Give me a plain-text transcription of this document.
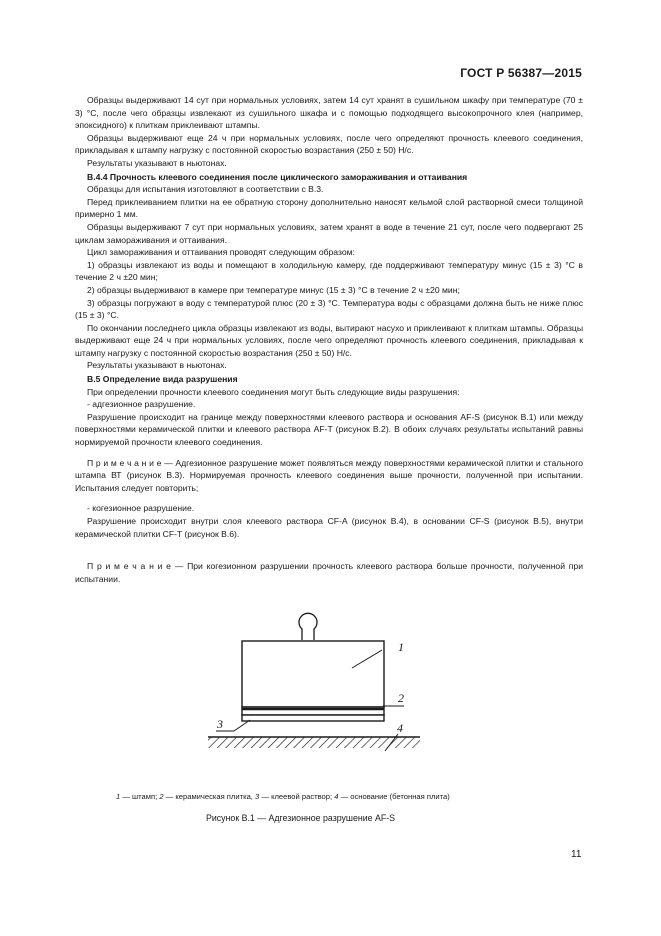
ГОСТ Р 56387—2015

Образцы выдерживают 14 сут при нормальных условиях, затем 14 сут хранят в сушильном шкафу при температуре (70 ± 3) °С, после чего образцы извлекают из сушильного шкафа и с помощью подходящего высокопрочного клея (например, эпоксидного) к плиткам приклеивают штампы.

Образцы выдерживают еще 24 ч при нормальных условиях, после чего определяют прочность клеевого соединения, прикладывая к штампу нагрузку с постоянной скоростью возрастания (250 ± 50) Н/с.

Результаты указывают в ньютонах.

B.4.4 Прочность клеевого соединения после циклического замораживания и оттаивания

Образцы для испытания изготовляют в соответствии с В.3.

Перед приклеиванием плитки на ее обратную сторону дополнительно наносят кельмой слой растворной смеси толщиной примерно 1 мм.

Образцы выдерживают 7 сут при нормальных условиях, затем хранят в воде в течение 21 сут, после чего подвергают 25 циклам замораживания и оттаивания.

Цикл замораживания и оттаивания проводят следующим образом:

1) образцы извлекают из воды и помещают в холодильную камеру, где поддерживают температуру минус (15 ± 3) °С в течение 2 ч ±20 мин;

2) образцы выдерживают в камере при температуре минус (15 ± 3) °С в течение 2 ч ±20 мин;

3) образцы погружают в воду с температурой плюс (20 ± 3) °С. Температура воды с образцами должна быть не ниже плюс (15 ± 3) °С.

По окончании последнего цикла образцы извлекают из воды, вытирают насухо и приклеивают к плиткам штампы. Образцы выдерживают еще 24 ч при нормальных условиях, после чего определяют прочность клеевого соединения, прикладывая к штампу нагрузку с постоянной скоростью возрастания (250 ± 50) Н/с.

Результаты указывают в ньютонах.

B.5 Определение вида разрушения

При определении прочности клеевого соединения могут быть следующие виды разрушения:

- адгезионное разрушение.

Разрушение происходит на границе между поверхностями клеевого раствора и основания AF-S (рисунок В.1) или между поверхностями керамической плитки и клеевого раствора AF-T (рисунок В.2). В обоих случаях результаты испытаний равны нормируемой прочности клеевого соединения.

П р и м е ч а н и е — Адгезионное разрушение может появляться между поверхностями керамической плитки и стального штампа ВТ (рисунок В.3). Нормируемая прочность клеевого соединения выше прочности, полученной при испытании. Испытания следует повторить;

- когезионное разрушение.

Разрушение происходит внутри слоя клеевого раствора CF-A (рисунок В.4), в основании CF-S (рисунок В.5), внутри керамической плитки CF-T (рисунок В.6).

П р и м е ч а н и е — При когезионном разрушении прочность клеевого раствора больше прочности, полученной при испытании.

1
2
3	4
1 — штамп; 2 — керамическая плитка, 3 — клеевой раствор; 4 — основание (бетонная плита)
Рисунок В.1 — Адгезионное разрушение AF-S
11
